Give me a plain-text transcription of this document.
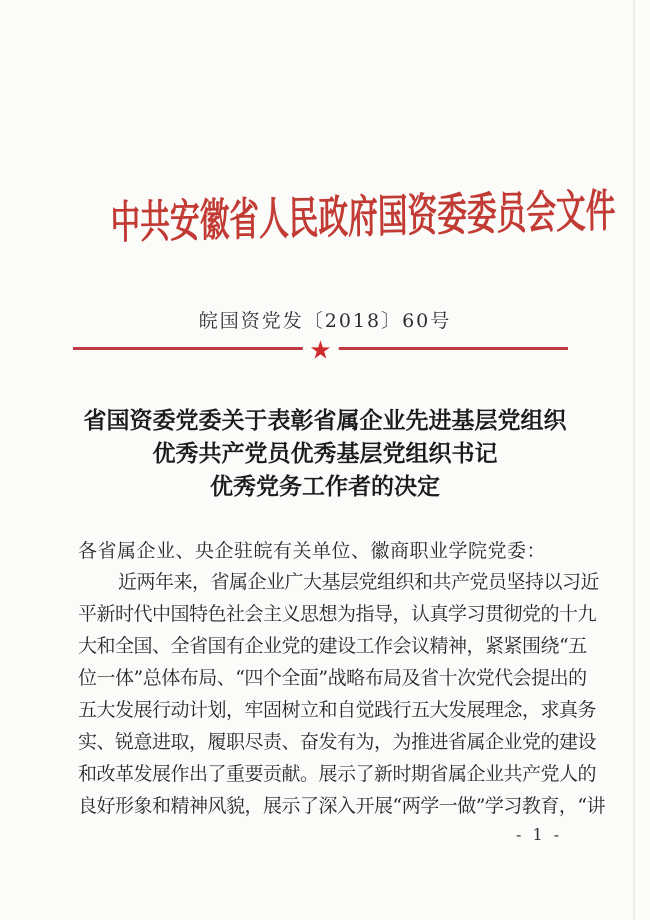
中共安徽省人民政府国资委委员会文件
皖国资党发〔2018〕60号
★
省国资委党委关于表彰省属企业先进基层党组织
优秀共产党员优秀基层党组织书记
优秀党务工作者的决定
各省属企业、央企驻皖有关单位、徽商职业学院党委：
近两年来，省属企业广大基层党组织和共产党员坚持以习近
平新时代中国特色社会主义思想为指导，认真学习贯彻党的十九
大和全国、全省国有企业党的建设工作会议精神，紧紧围绕“五
位一体”总体布局、“四个全面”战略布局及省十次党代会提出的
五大发展行动计划，牢固树立和自觉践行五大发展理念，求真务
实、锐意进取，履职尽责、奋发有为，为推进省属企业党的建设
和改革发展作出了重要贡献。展示了新时期省属企业共产党人的
良好形象和精神风貌，展示了深入开展“两学一做”学习教育，“讲
- 1 -
